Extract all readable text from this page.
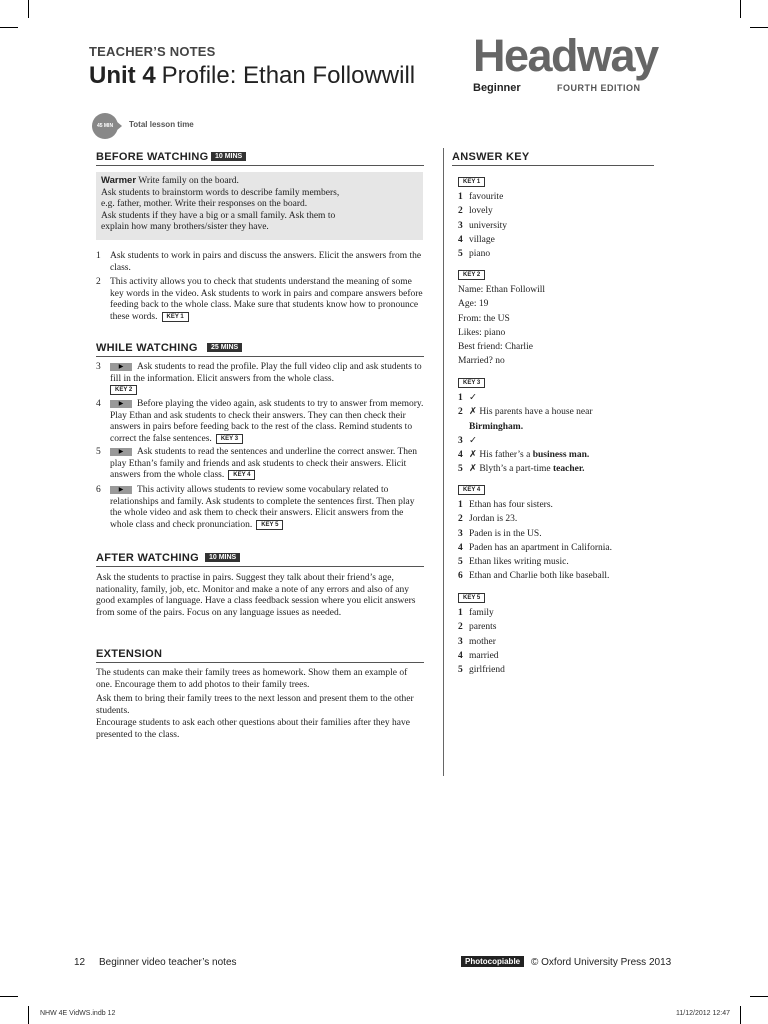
TEACHER’S NOTES
Unit 4 Profile: Ethan Followwill Headway
Beginner	FOURTH EDITION
45 MIN	Total lesson time
BEFORE WATCHING 10 MINS

Warmer Write family on the board.

Ask students to brainstorm words to describe family members,

e.g. father, mother. Write their responses on the board.

Ask students if they have a big or a small family. Ask them to

explain how many brothers/sister they have.

1 Ask students to work in pairs and discuss the answers. Elicit the answers from the class.
2 This activity allows you to check that students understand the meaning of some key words in the video. Ask students to work in pairs and compare answers before feeding back to the whole class. Make sure that students know how to pronounce these words. KEY 1
WHILE WATCHING	25 MINS
3	▶ Ask students to read the profile. Play the full video clip and ask students to fill in the information. Elicit answers from the whole class.
KEY 2
4	▶ Before playing the video again, ask students to try to answer from memory. Play Ethan and ask students to check their answers. They can then check their answers in pairs before feeding back to the rest of the class. Remind students to correct the false sentences. KEY 3
5	▶ Ask students to read the sentences and underline the correct answer. Then play Ethan’s family and friends and ask students to check their answers. Elicit answers from the whole class. KEY 4
6	▶ This activity allows students to review some vocabulary related to relationships and family. Ask students to complete the sentences first. Then play the whole video and ask them to check their answers. Elicit answers from the whole class and check pronunciation. KEY 5
AFTER WATCHING	10 MINS
Ask the students to practise in pairs. Suggest they talk about their friend’s age, nationality, family, job, etc. Monitor and make a note of any errors and also of any good examples of language. Have a class feedback session where you elicit answers from some of the pairs. Focus on any language issues as needed.
EXTENSION
The students can make their family trees as homework. Show them an example of one. Encourage them to add photos to their family trees.
Ask them to bring their family trees to the next lesson and present them to the other students.
Encourage students to ask each other questions about their families after they have presented to the class.
ANSWER KEY
KEY 1
1 favourite
2 lovely
3 university
4 village
5 piano
KEY 2
Name: Ethan Followill
Age: 19
From: the US
Likes: piano
Best friend: Charlie
Married? no
KEY 3
1 ✓
2 ✗ His parents have a house near
Birmingham.
3 ✓
4 ✗ His father’s a business man.
5 ✗ Blyth’s a part-time teacher.
KEY 4
1 Ethan has four sisters.
2 Jordan is 23.
3 Paden is in the US.
4 Paden has an apartment in California.
5 Ethan likes writing music.
6 Ethan and Charlie both like baseball.
KEY 5
1 family
2 parents
3 mother
4 married
5 girlfriend
12 Beginner video teacher’s notes	Photocopiable	© Oxford University Press 2013
NHW 4E VidWS.indb 12	11/12/2012 12:47
